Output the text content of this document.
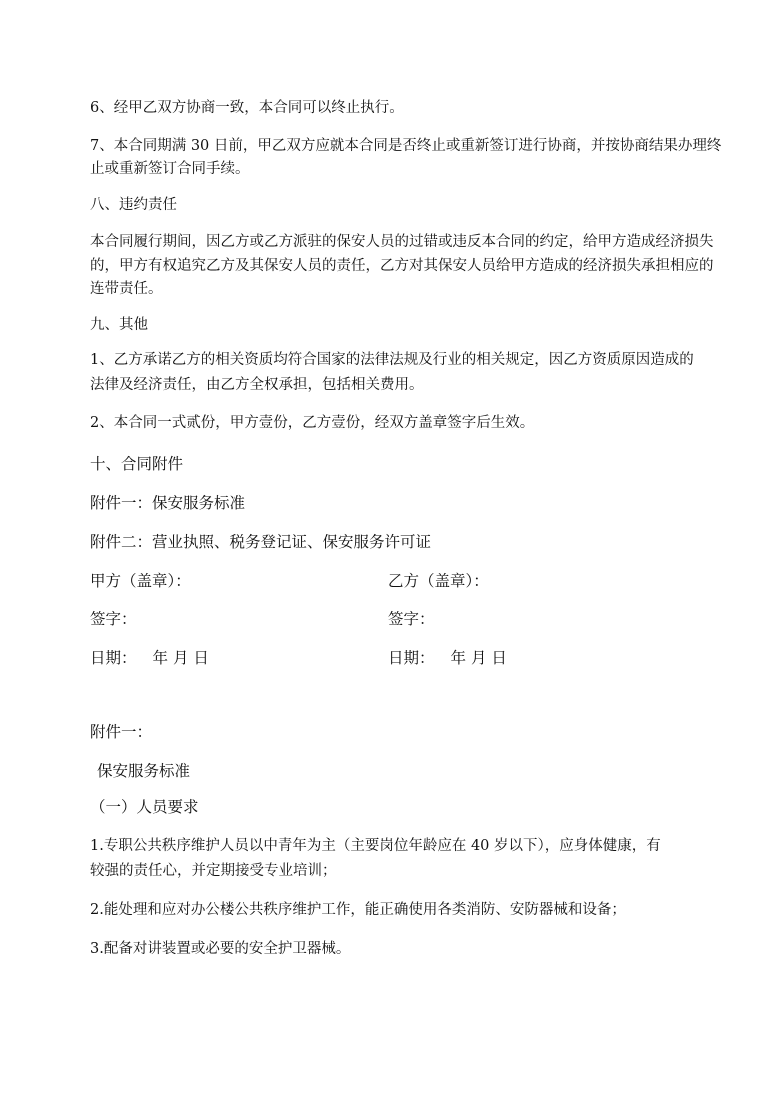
6、经甲乙双方协商一致，本合同可以终止执行。

7、本合同期满 30 日前，甲乙双方应就本合同是否终止或重新签订进行协商，并按协商结果办理终

止或重新签订合同手续。

八、违约责任

本合同履行期间，因乙方或乙方派驻的保安人员的过错或违反本合同的约定，给甲方造成经济损失

的，甲方有权追究乙方及其保安人员的责任，乙方对其保安人员给甲方造成的经济损失承担相应的

连带责任。

九、其他

1、乙方承诺乙方的相关资质均符合国家的法律法规及行业的相关规定，因乙方资质原因造成的

法律及经济责任，由乙方全权承担，包括相关费用。

2、本合同一式贰份，甲方壹份，乙方壹份，经双方盖章签字后生效。

十、合同附件

附件一：保安服务标准

附件二：营业执照、税务登记证、保安服务许可证

甲方（盖章）：	乙方（盖章）：

签字：	签字：

日期： 年 月 日	日期： 年 月 日

附件一：

保安服务标准

（一）人员要求

1.专职公共秩序维护人员以中青年为主（主要岗位年龄应在 40 岁以下），应身体健康，有

较强的责任心，并定期接受专业培训；

2.能处理和应对办公楼公共秩序维护工作，能正确使用各类消防、安防器械和设备；

3.配备对讲装置或必要的安全护卫器械。
